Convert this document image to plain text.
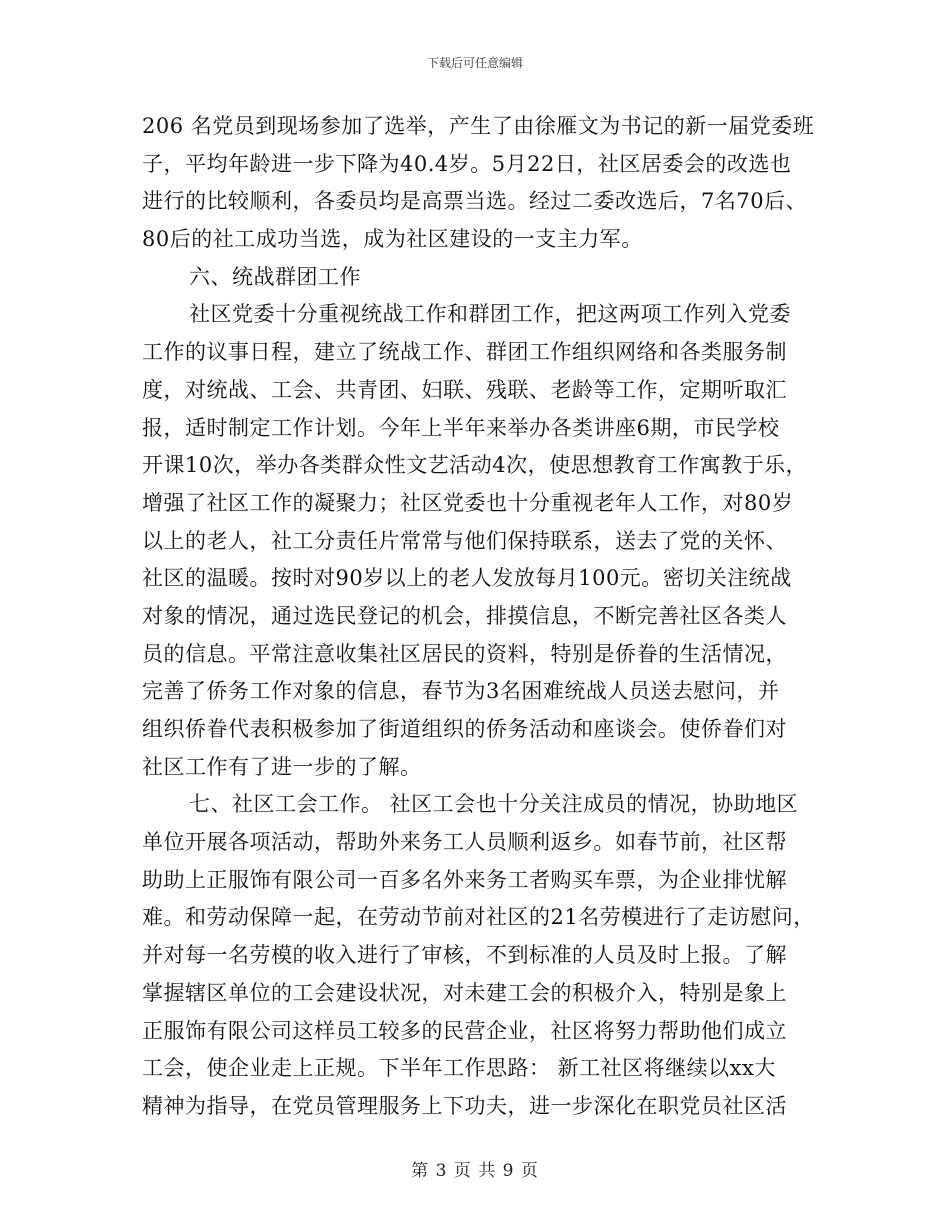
下载后可任意编辑
206 名党员到现场参加了选举，产生了由徐雁文为书记的新一届党委班
子，平均年龄进一步下降为40.4岁。5月22日，社区居委会的改选也
进行的比较顺利，各委员均是高票当选。经过二委改选后，7名70后、
80后的社工成功当选，成为社区建设的一支主力军。
六、统战群团工作
社区党委十分重视统战工作和群团工作，把这两项工作列入党委
工作的议事日程，建立了统战工作、群团工作组织网络和各类服务制
度，对统战、工会、共青团、妇联、残联、老龄等工作，定期听取汇
报，适时制定工作计划。今年上半年来举办各类讲座6期，市民学校
开课10次，举办各类群众性文艺活动4次，使思想教育工作寓教于乐，
增强了社区工作的凝聚力；社区党委也十分重视老年人工作，对80岁
以上的老人，社工分责任片常常与他们保持联系，送去了党的关怀、
社区的温暖。按时对90岁以上的老人发放每月100元。密切关注统战
对象的情况，通过选民登记的机会，排摸信息，不断完善社区各类人
员的信息。平常注意收集社区居民的资料，特别是侨眷的生活情况，
完善了侨务工作对象的信息，春节为3名困难统战人员送去慰问，并
组织侨眷代表积极参加了街道组织的侨务活动和座谈会。使侨眷们对
社区工作有了进一步的了解。
七、社区工会工作。 社区工会也十分关注成员的情况，协助地区
单位开展各项活动，帮助外来务工人员顺利返乡。如春节前，社区帮
助助上正服饰有限公司一百多名外来务工者购买车票，为企业排忧解
难。和劳动保障一起，在劳动节前对社区的21名劳模进行了走访慰问，
并对每一名劳模的收入进行了审核，不到标准的人员及时上报。了解
掌握辖区单位的工会建设状况，对未建工会的积极介入，特别是象上
正服饰有限公司这样员工较多的民营企业，社区将努力帮助他们成立
工会，使企业走上正规。下半年工作思路： 新工社区将继续以xx大
精神为指导，在党员管理服务上下功夫，进一步深化在职党员社区活
第 3 页 共 9 页
